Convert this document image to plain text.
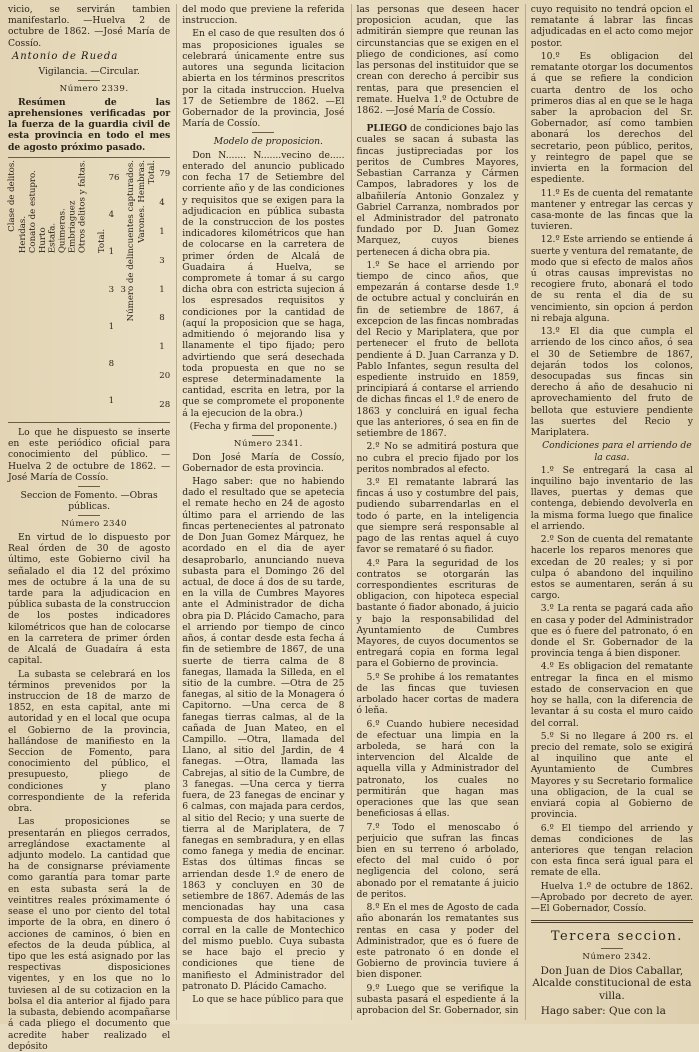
vicio, se servirán tambien manifestarlo. —Huelva 2 de octubre de 1862. —José María de Cossío.

Antonio de Rueda

Vigilancia. —Circular.

Número 2339.

Resúmen de las aprehensiones verificadas por la fuerza de la guardia civil de esta provincia en todo el mes de agosto próximo pasado.

Clase de delitos.
Heridas.
Conato de estupro.
Hurto
Estafa.
Quimeras.
Embriaguez
Otros delitos y faltas.

Total.
76
4
1
3
1
8
1
3 Número de delincuentes capturados. Varones. Hembras. Total. 79
4
1
3
1
8
1
20
28

Lo que he dispuesto se inserte en este periódico oficial para conocimiento del público. —Huelva 2 de octubre de 1862. —José María de Cossío.

Seccion de Fomento. —Obras públicas.

Número 2340

En virtud de lo dispuesto por Real órden de 30 de agosto último, este Gobierno civil ha señalado el dia 12 del próximo mes de octubre á la una de su tarde para la adjudicacion en pública subasta de la construccion de los postes indicadores kilométricos que han de colocarse en la carretera de primer órden de Alcalá de Guadaíra á esta capital.

La subasta se celebrará en los términos prevenidos por la instruccion de 18 de marzo de 1852, en esta capital, ante mi autoridad y en el local que ocupa el Gobierno de la provincia, hallándose de manifiesto en la Seccion de Fomento, para conocimiento del público, el presupuesto, pliego de condiciones y plano correspondiente de la referida obra.

Las proposiciones se presentarán en pliegos cerrados, arreglándose exactamente al adjunto modelo. La cantidad que ha de consignarse préviamente como garantía para tomar parte en esta subasta será la de veintitres reales próximamente ó sease el uno por ciento del total importe de la obra, en dinero ó acciones de caminos, ó bien en efectos de la deuda pública, al tipo que les está asignado por las respectivas disposiciones vigentes, y en los que no lo tuviesen al de su cotizacion en la bolsa el dia anterior al fijado para la subasta, debiendo acompañarse á cada pliego el documento que acredite haber realizado el depósito

del modo que previene la referida instruccion.

En el caso de que resulten dos ó mas proposiciones iguales se celebrará únicamente entre sus autores una segunda licitacion abierta en los términos prescritos por la citada instruccion. Huelva 17 de Setiembre de 1862. —El Gobernador de la provincia, José María de Cossío.

Modelo de proposicion.

Don N....... N.......vecino de..... enterado del anuncio publicado con fecha 17 de Setiembre del corriente año y de las condiciones y requisitos que se exigen para la adjudicacion en pública subasta de la construccion de los postes indicadores kilométricos que han de colocarse en la carretera de primer órden de Alcalá de Guadaira á Huelva, se compromete á tomar á su cargo dicha obra con estricta sujecion á los espresados requisitos y condiciones por la cantidad de (aquí la proposicion que se haga, admitiendo ó mejorando lisa y llanamente el tipo fijado; pero advirtiendo que será desechada toda propuesta en que no se esprese determinadamente la cantidad, escrita en letra, por la que se compromete el proponente á la ejecucion de la obra.)

(Fecha y firma del proponente.)

Número 2341.

Don José María de Cossío, Gobernador de esta provincia.

Hago saber: que no habiendo dado el resultado que se apetecia el remate hecho en 24 de agosto último para el arriendo de las fincas pertenecientes al patronato de Don Juan Gomez Márquez, he acordado en el dia de ayer desaprobarlo, anunciando nueva subasta para el Domingo 26 del actual, de doce á dos de su tarde, en la villa de Cumbres Mayores ante el Administrador de dicha obra pia D. Plácido Camacho, para el arriendo por tiempo de cinco años, á contar desde esta fecha á fin de setiembre de 1867, de una suerte de tierra calma de 8 fanegas, llamada la Silleda, en el sitio de la cumbre. —Otra de 25 fanegas, al sitio de la Monagera ó Capitorno. —Una cerca de 8 fanegas tierras calmas, al de la cañada de Juan Mateo, en el Campillo. —Otra, llamada del Llano, al sitio del Jardin, de 4 fanegas. —Otra, llamada las Cabrejas, al sitio de la Cumbre, de 3 fanegas. —Una cerca y tierra fuera, de 23 fanegas de encinar y 6 calmas, con majada para cerdos, al sitio del Recio; y una suerte de tierra al de Mariplatera, de 7 fanegas en sembradura, y en ellas como fanega y media de encinar. Estas dos últimas fincas se arriendan desde 1.º de enero de 1863 y concluyen en 30 de setiembre de 1867. Además de las mencionadas hay una casa compuesta de dos habitaciones y corral en la calle de Montechico del mismo pueblo. Cuya subasta se hace bajo el precio y condiciones que tiene de manifiesto el Administrador del patronato D. Plácido Camacho.

Lo que se hace público para que

las personas que deseen hacer proposicion acudan, que las admitirán siempre que reunan las circunstancias que se exigen en el pliego de condiciones, así como las personas del instituidor que se crean con derecho á percibir sus rentas, para que presencien el remate. Huelva 1.º de Octubre de 1862. —José María de Cossío.

PLIEGO de condiciones bajo las cuales se sacan á subasta las fincas justipreciadas por los peritos de Cumbres Mayores, Sebastian Carranza y Cármen Campos, labradores y los de albañilería Antonio Gonzalez y Gabriel Carranza, nombrados por el Administrador del patronato fundado por D. Juan Gomez Marquez, cuyos bienes pertenecen á dicha obra pia.

1.º Se hace el arriendo por tiempo de cinco años, que empezarán á contarse desde 1.º de octubre actual y concluirán en fin de setiembre de 1867, á excepcion de las fincas nombradas del Recio y Mariplatera, que por pertenecer el fruto de bellota pendiente á D. Juan Carranza y D. Pablo Infantes, segun resulta del espediente instruido en 1859, principiará á contarse el arriendo de dichas fincas el 1.º de enero de 1863 y concluirá en igual fecha que las anteriores, ó sea en fin de setiembre de 1867.

2.º No se admitirá postura que no cubra el precio fijado por los peritos nombrados al efecto.

3.º El rematante labrará las fincas á uso y costumbre del pais, pudiendo subarrendarlas en el todo ó parte, en la inteligencia que siempre será responsable al pago de las rentas aquel á cuyo favor se remataré ó su fiador.

4.º Para la seguridad de los contratos se otorgarán las correspondientes escrituras de obligacion, con hipoteca especial bastante ó fiador abonado, á juicio y bajo la responsabilidad del Ayuntamiento de Cumbres Mayores, de cuyos documentos se entregará copia en forma legal para el Gobierno de provincia.

5.º Se prohibe á los rematantes de las fincas que tuviesen arbolado hacer cortas de madera ó leña.

6.º Cuando hubiere necesidad de efectuar una limpia en la arboleda, se hará con la intervencion del Alcalde de aquella villa y Administrador del patronato, los cuales no permitirán que hagan mas operaciones que las que sean beneficiosas á ellas.

7.º Todo el menoscabo ó perjuicio que sufran las fincas bien en su terreno ó arbolado, efecto del mal cuido ó por negligencia del colono, será abonado por el rematante á juicio de peritos.

8.º En el mes de Agosto de cada año abonarán los rematantes sus rentas en casa y poder del Administrador, que es ó fuere de este patronato ó en donde el Gobierno de provincia tuviere á bien disponer.

9.º Luego que se verifique la subasta pasará el espediente á la aprobacion del Sr. Gobernador, sin

cuyo requisito no tendrá opcion el rematante á labrar las fincas adjudicadas en el acto como mejor postor.

10.º Es obligacion del rematante otorgar los documentos á que se refiere la condicion cuarta dentro de los ocho primeros dias al en que se le haga saber la aprobacion del Sr. Gobernador, así como tambien abonará los derechos del secretario, peon público, peritos, y reintegro de papel que se invierta en la formacion del espediente.

11.º Es de cuenta del rematante mantener y entregar las cercas y casa-monte de las fincas que la tuvieren.

12.º Este arriendo se entiende á suerte y ventura del rematante, de modo que si efecto de malos años ú otras causas imprevistas no recogiere fruto, abonará el todo de su renta el dia de su vencimiento, sin opcion á perdon ni rebaja alguna.

13.º El dia que cumpla el arriendo de los cinco años, ó sea el 30 de Setiembre de 1867, dejarán todos los colonos, desocupadas sus fincas sin derecho á año de desahucio ni aprovechamiento del fruto de bellota que estuviere pendiente las suertes del Recio y Mariplatera.

Condiciones para el arriendo de la casa.

1.º Se entregará la casa al inquilino bajo inventario de las llaves, puertas y demas que contenga, debiendo devolverla en la misma forma luego que finalice el arriendo.

2.º Son de cuenta del rematante hacerle los reparos menores que excedan de 20 reales; y si por culpa ó abandono del inquilino estos se aumentaren, serán á su cargo.

3.º La renta se pagará cada año en casa y poder del Administrador que es ó fuere del patronato, ó en donde el Sr. Gobernador de la provincia tenga á bien disponer.

4.º Es obligacion del rematante entregar la finca en el mismo estado de conservacion en que hoy se halla, con la diferencia de levantar á su costa el muro caido del corral.

5.º Si no llegare á 200 rs. el precio del remate, solo se exigirá al inquilino que ante el Ayuntamiento de Cumbres Mayores y su Secretario formalice una obligacion, de la cual se enviará copia al Gobierno de provincia.

6.º El tiempo del arriendo y demas condiciones de las anteriores que tengan relacion con esta finca será igual para el remate de ella.

Huelva 1.º de octubre de 1862. —Aprobado por decreto de ayer. —El Gobernador, Cossío.

Tercera seccion.

Número 2342.

Don Juan de Dios Caballar, Alcalde constitucional de esta villa.

Hago saber: Que con la
